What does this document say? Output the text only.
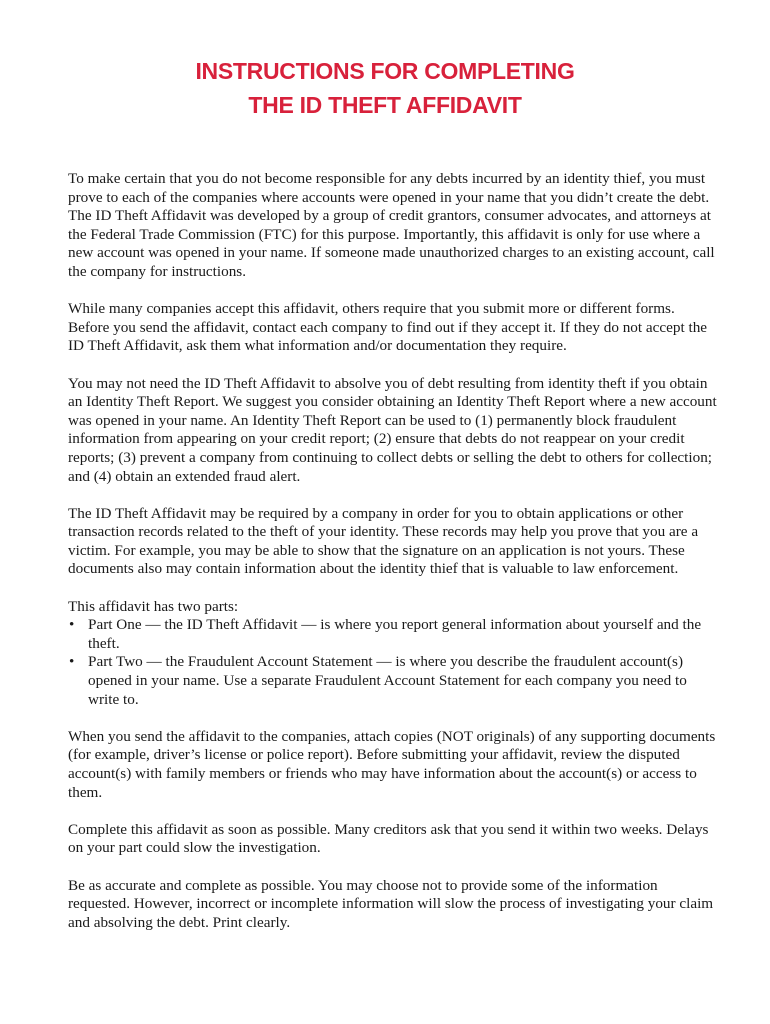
INSTRUCTIONS FOR COMPLETING
THE ID THEFT AFFIDAVIT

To make certain that you do not become responsible for any debts incurred by an identity thief, you must prove to each of the companies where accounts were opened in your name that you didn’t create the debt. The ID Theft Affidavit was developed by a group of credit grantors, consumer advocates, and attorneys at the Federal Trade Commission (FTC) for this purpose. Importantly, this affidavit is only for use where a new account was opened in your name. If someone made unauthorized charges to an existing account, call the company for instructions.

While many companies accept this affidavit, others require that you submit more or different forms. Before you send the affidavit, contact each company to find out if they accept it. If they do not accept the ID Theft Affidavit, ask them what information and/or documentation they require.

You may not need the ID Theft Affidavit to absolve you of debt resulting from identity theft if you obtain an Identity Theft Report. We suggest you consider obtaining an Identity Theft Report where a new account was opened in your name. An Identity Theft Report can be used to (1) permanently block fraudulent information from appearing on your credit report; (2) ensure that debts do not reappear on your credit reports; (3) prevent a company from continuing to collect debts or selling the debt to others for collection; and (4) obtain an extended fraud alert.

The ID Theft Affidavit may be required by a company in order for you to obtain applications or other transaction records related to the theft of your identity. These records may help you prove that you are a victim. For example, you may be able to show that the signature on an application is not yours. These documents also may contain information about the identity thief that is valuable to law enforcement.

This affidavit has two parts:
• Part One — the ID Theft Affidavit — is where you report general information about yourself and the theft.
• Part Two — the Fraudulent Account Statement — is where you describe the fraudulent account(s) opened in your name. Use a separate Fraudulent Account Statement for each company you need to write to.

When you send the affidavit to the companies, attach copies (NOT originals) of any supporting documents (for example, driver’s license or police report). Before submitting your affidavit, review the disputed account(s) with family members or friends who may have information about the account(s) or access to them.

Complete this affidavit as soon as possible. Many creditors ask that you send it within two weeks. Delays on your part could slow the investigation.

Be as accurate and complete as possible. You may choose not to provide some of the information requested. However, incorrect or incomplete information will slow the process of investigating your claim and absolving the debt. Print clearly.
